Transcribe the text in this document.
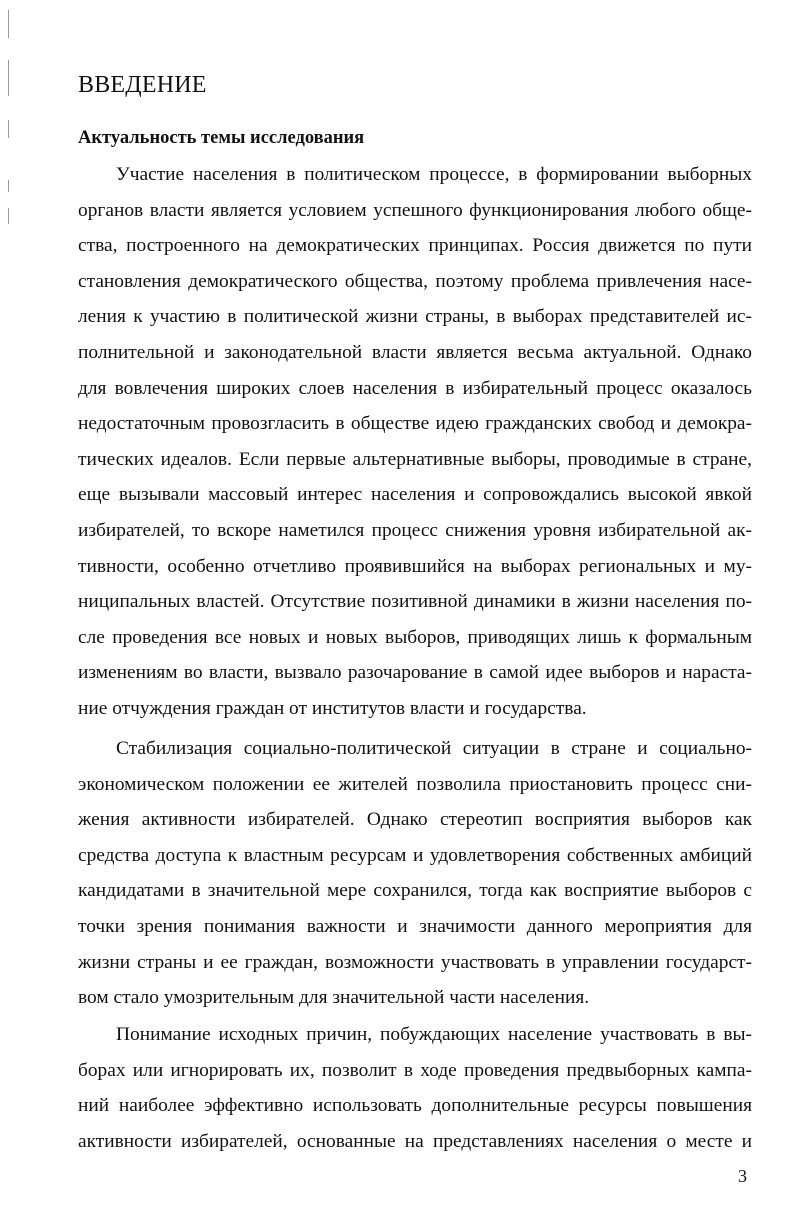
ВВЕДЕНИЕ
Актуальность темы исследования
Участие населения в политическом процессе, в формировании выборных
органов власти является условием успешного функционирования любого обще-
ства, построенного на демократических принципах. Россия движется по пути
становления демократического общества, поэтому проблема привлечения насе-
ления к участию в политической жизни страны, в выборах представителей ис-
полнительной и законодательной власти является весьма актуальной. Однако
для вовлечения широких слоев населения в избирательный процесс оказалось
недостаточным провозгласить в обществе идею гражданских свобод и демокра-
тических идеалов. Если первые альтернативные выборы, проводимые в стране,
еще вызывали массовый интерес населения и сопровождались высокой явкой
избирателей, то вскоре наметился процесс снижения уровня избирательной ак-
тивности, особенно отчетливо проявившийся на выборах региональных и му-
ниципальных властей. Отсутствие позитивной динамики в жизни населения по-
сле проведения все новых и новых выборов, приводящих лишь к формальным
изменениям во власти, вызвало разочарование в самой идее выборов и нараста-
ние отчуждения граждан от институтов власти и государства.
Стабилизация социально-политической ситуации в стране и социально-
экономическом положении ее жителей позволила приостановить процесс сни-
жения активности избирателей. Однако стереотип восприятия выборов как
средства доступа к властным ресурсам и удовлетворения собственных амбиций
кандидатами в значительной мере сохранился, тогда как восприятие выборов с
точки зрения понимания важности и значимости данного мероприятия для
жизни страны и ее граждан, возможности участвовать в управлении государст-
вом стало умозрительным для значительной части населения.
Понимание исходных причин, побуждающих население участвовать в вы-
борах или игнорировать их, позволит в ходе проведения предвыборных кампа-
ний наиболее эффективно использовать дополнительные ресурсы повышения
активности избирателей, основанные на представлениях населения о месте и
3
